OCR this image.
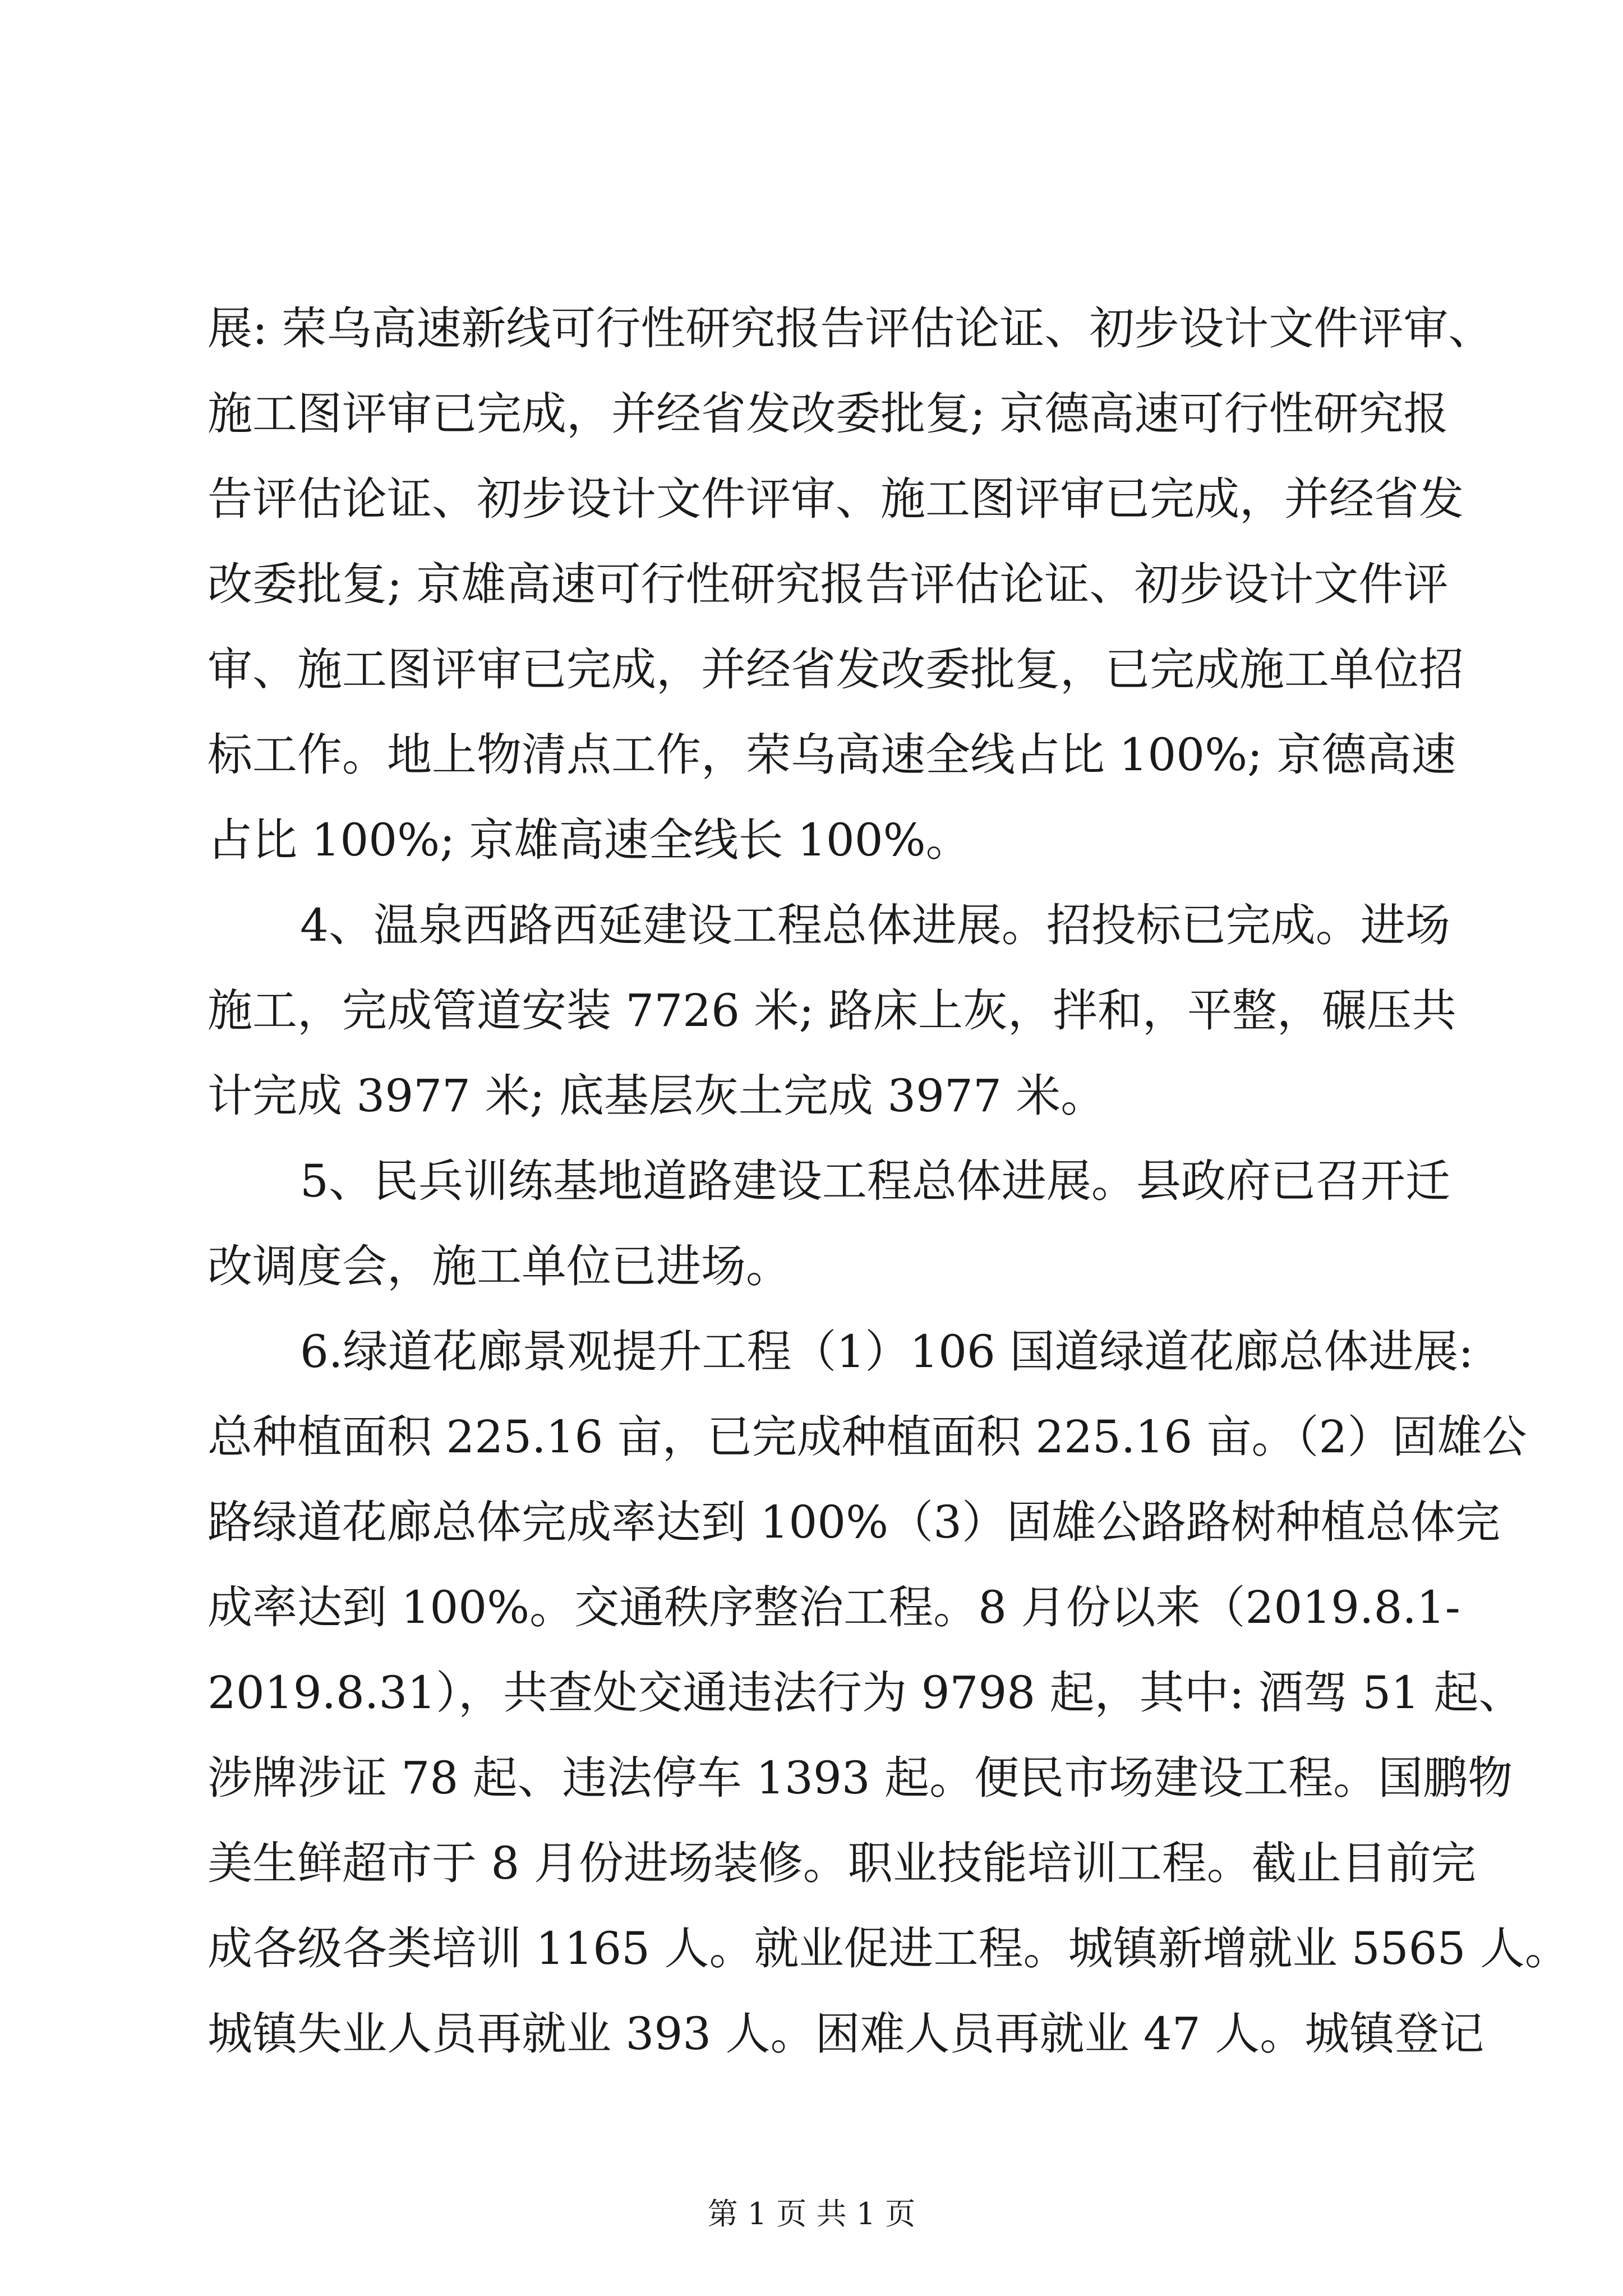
展: 荣乌高速新线可行性研究报告评估论证、初步设计文件评审、
施工图评审已完成，并经省发改委批复; 京德高速可行性研究报
告评估论证、初步设计文件评审、施工图评审已完成，并经省发
改委批复; 京雄高速可行性研究报告评估论证、初步设计文件评
审、施工图评审已完成，并经省发改委批复，已完成施工单位招
标工作。地上物清点工作，荣乌高速全线占比 100%; 京德高速
占比 100%; 京雄高速全线长 100%。
4、温泉西路西延建设工程总体进展。招投标已完成。进场
施工，完成管道安装 7726 米; 路床上灰，拌和，平整，碾压共
计完成 3977 米; 底基层灰土完成 3977 米。
5、民兵训练基地道路建设工程总体进展。县政府已召开迁
改调度会，施工单位已进场。
6.绿道花廊景观提升工程（1）106 国道绿道花廊总体进展:
总种植面积 225.16 亩，已完成种植面积 225.16 亩。（2）固雄公
路绿道花廊总体完成率达到 100%（3）固雄公路路树种植总体完
成率达到 100%。交通秩序整治工程。8 月份以来（2019.8.1-
2019.8.31），共查处交通违法行为 9798 起，其中: 酒驾 51 起、
涉牌涉证 78 起、违法停车 1393 起。便民市场建设工程。国鹏物
美生鲜超市于 8 月份进场装修。职业技能培训工程。截止目前完
成各级各类培训 1165 人。就业促进工程。城镇新增就业 5565 人。
城镇失业人员再就业 393 人。困难人员再就业 47 人。城镇登记
第 1 页 共 1 页
